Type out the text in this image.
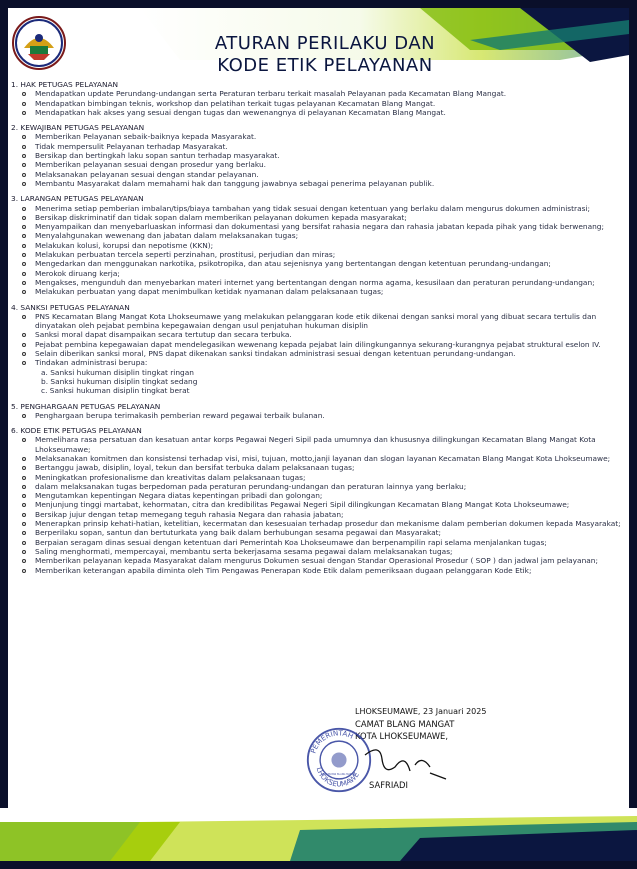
ATURAN PERILAKU DAN
KODE ETIK PELAYANAN

1. HAK PETUGAS PELAYANAN

Mendapatkan update Perundang-undangan serta Peraturan terbaru terkait masalah Pelayanan pada Kecamatan Blang Mangat.
Mendapatkan bimbingan teknis, workshop dan pelatihan terkait tugas pelayanan Kecamatan Blang Mangat.
Mendapatkan hak akses yang sesuai dengan tugas dan wewenangnya di pelayanan Kecamatan Blang Mangat.

2. KEWAJIBAN PETUGAS PELAYANAN

Memberikan Pelayanan sebaik-baiknya kepada Masyarakat.
Tidak mempersulit Pelayanan terhadap Masyarakat.
Bersikap dan bertingkah laku sopan santun terhadap masyarakat.
Memberikan pelayanan sesuai dengan prosedur yang berlaku.
Melaksanakan pelayanan sesuai dengan standar pelayanan.
Membantu Masyarakat dalam memahami hak dan tanggung jawabnya sebagai penerima pelayanan publik.

3. LARANGAN PETUGAS PELAYANAN

Menerima setiap pemberian imbalan/tips/biaya tambahan yang tidak sesuai dengan ketentuan yang berlaku dalam mengurus dokumen administrasi;
Bersikap diskriminatif dan tidak sopan dalam memberikan pelayanan dokumen kepada masyarakat;
Menyampaikan dan menyebarluaskan informasi dan dokumentasi yang bersifat rahasia negara dan rahasia jabatan kepada pihak yang tidak berwenang;
Menyalahgunakan wewenang dan jabatan dalam melaksanakan tugas;
Melakukan kolusi, korupsi dan nepotisme (KKN);
Melakukan perbuatan tercela seperti perzinahan, prostitusi, perjudian dan miras;
Mengedarkan dan menggunakan narkotika, psikotropika, dan atau sejenisnya yang bertentangan dengan ketentuan perundang-undangan;
Merokok diruang kerja;
Mengakses, mengunduh dan menyebarkan materi internet yang bertentangan dengan norma agama, kesusilaan dan peraturan perundang-undangan;
Melakukan perbuatan yang dapat menimbulkan ketidak nyamanan dalam pelaksanaan tugas;

4. SANKSI PETUGAS PELAYANAN

PNS Kecamatan Blang Mangat Kota Lhokseumawe yang melakukan pelanggaran kode etik dikenai dengan sanksi moral yang dibuat secara tertulis dan dinyatakan oleh pejabat pembina kepegawaian dengan usul penjatuhan hukuman disiplin
Sanksi moral dapat disampaikan secara tertutup dan secara terbuka.
Pejabat pembina kepegawaian dapat mendelegasikan wewenang kepada pejabat lain dilingkungannya sekurang-kurangnya pejabat struktural eselon IV.
Selain diberikan sanksi moral, PNS dapat dikenakan sanksi tindakan administrasi sesuai dengan ketentuan perundang-undangan.
Tindakan administrasi berupa:
a. Sanksi hukuman disiplin tingkat ringan
b. Sanksi hukuman disiplin tingkat sedang
c. Sanksi hukuman disiplin tingkat berat

5. PENGHARGAAN PETUGAS PELAYANAN

Penghargaan berupa terimakasih pemberian reward pegawai terbaik bulanan.

6. KODE ETIK PETUGAS PELAYANAN

Memelihara rasa persatuan dan kesatuan antar korps Pegawai Negeri Sipil pada umumnya dan khususnya dilingkungan Kecamatan Blang Mangat Kota Lhokseumawe;
Melaksanakan komitmen dan konsistensi terhadap visi, misi, tujuan, motto,janji layanan dan slogan layanan Kecamatan Blang Mangat Kota Lhokseumawe;
Bertanggu jawab, disiplin, loyal, tekun dan bersifat terbuka dalam pelaksanaan tugas;
Meningkatkan profesionalisme dan kreativitas dalam pelaksanaan tugas;
dalam melaksanakan tugas berpedoman pada peraturan perundang-undangan dan peraturan lainnya yang berlaku;
Mengutamkan kepentingan Negara diatas kepentingan pribadi dan golongan;
Menjunjung tinggi martabat, kehormatan, citra dan kredibilitas Pegawai Negeri Sipil dilingkungan Kecamatan Blang Mangat Kota Lhokseumawe;
Bersikap jujur dengan tetap memegang teguh rahasia Negara dan rahasia jabatan;
Menerapkan prinsip kehati-hatian, ketelitian, kecermatan dan kesesuaian terhadap prosedur dan mekanisme dalam pemberian dokumen kepada Masyarakat;
Berperilaku sopan, santun dan bertuturkata yang baik dalam berhubungan sesama pegawai dan Masyarakat;
Berpaian seragam dinas sesuai dengan ketentuan dari Pemerintah Koa Lhokseumawe dan berpenampilin rapi selama menjalankan tugas;
Saling menghormati, mempercayai, membantu serta bekerjasama sesama pegawai dalam melaksanakan tugas;
Memberikan pelayanan kepada Masyarakat dalam mengurus Dokumen sesuai dengan Standar Operasional Prosedur ( SOP ) dan jadwal jam pelayanan;
Memberikan keterangan apabila diminta oleh Tim Pengawas Penerapan Kode Etik dalam pemeriksaan dugaan pelanggaran Kode Etik;
LHOKSEUMAWE, 23 Januari 2025
CAMAT BLANG MANGAT
KOTA LHOKSEUMAWE,
SAFRIADI
PEMERINTAH
LHOKSEUMAWE
KECAMATAN BLANG MANGAT
